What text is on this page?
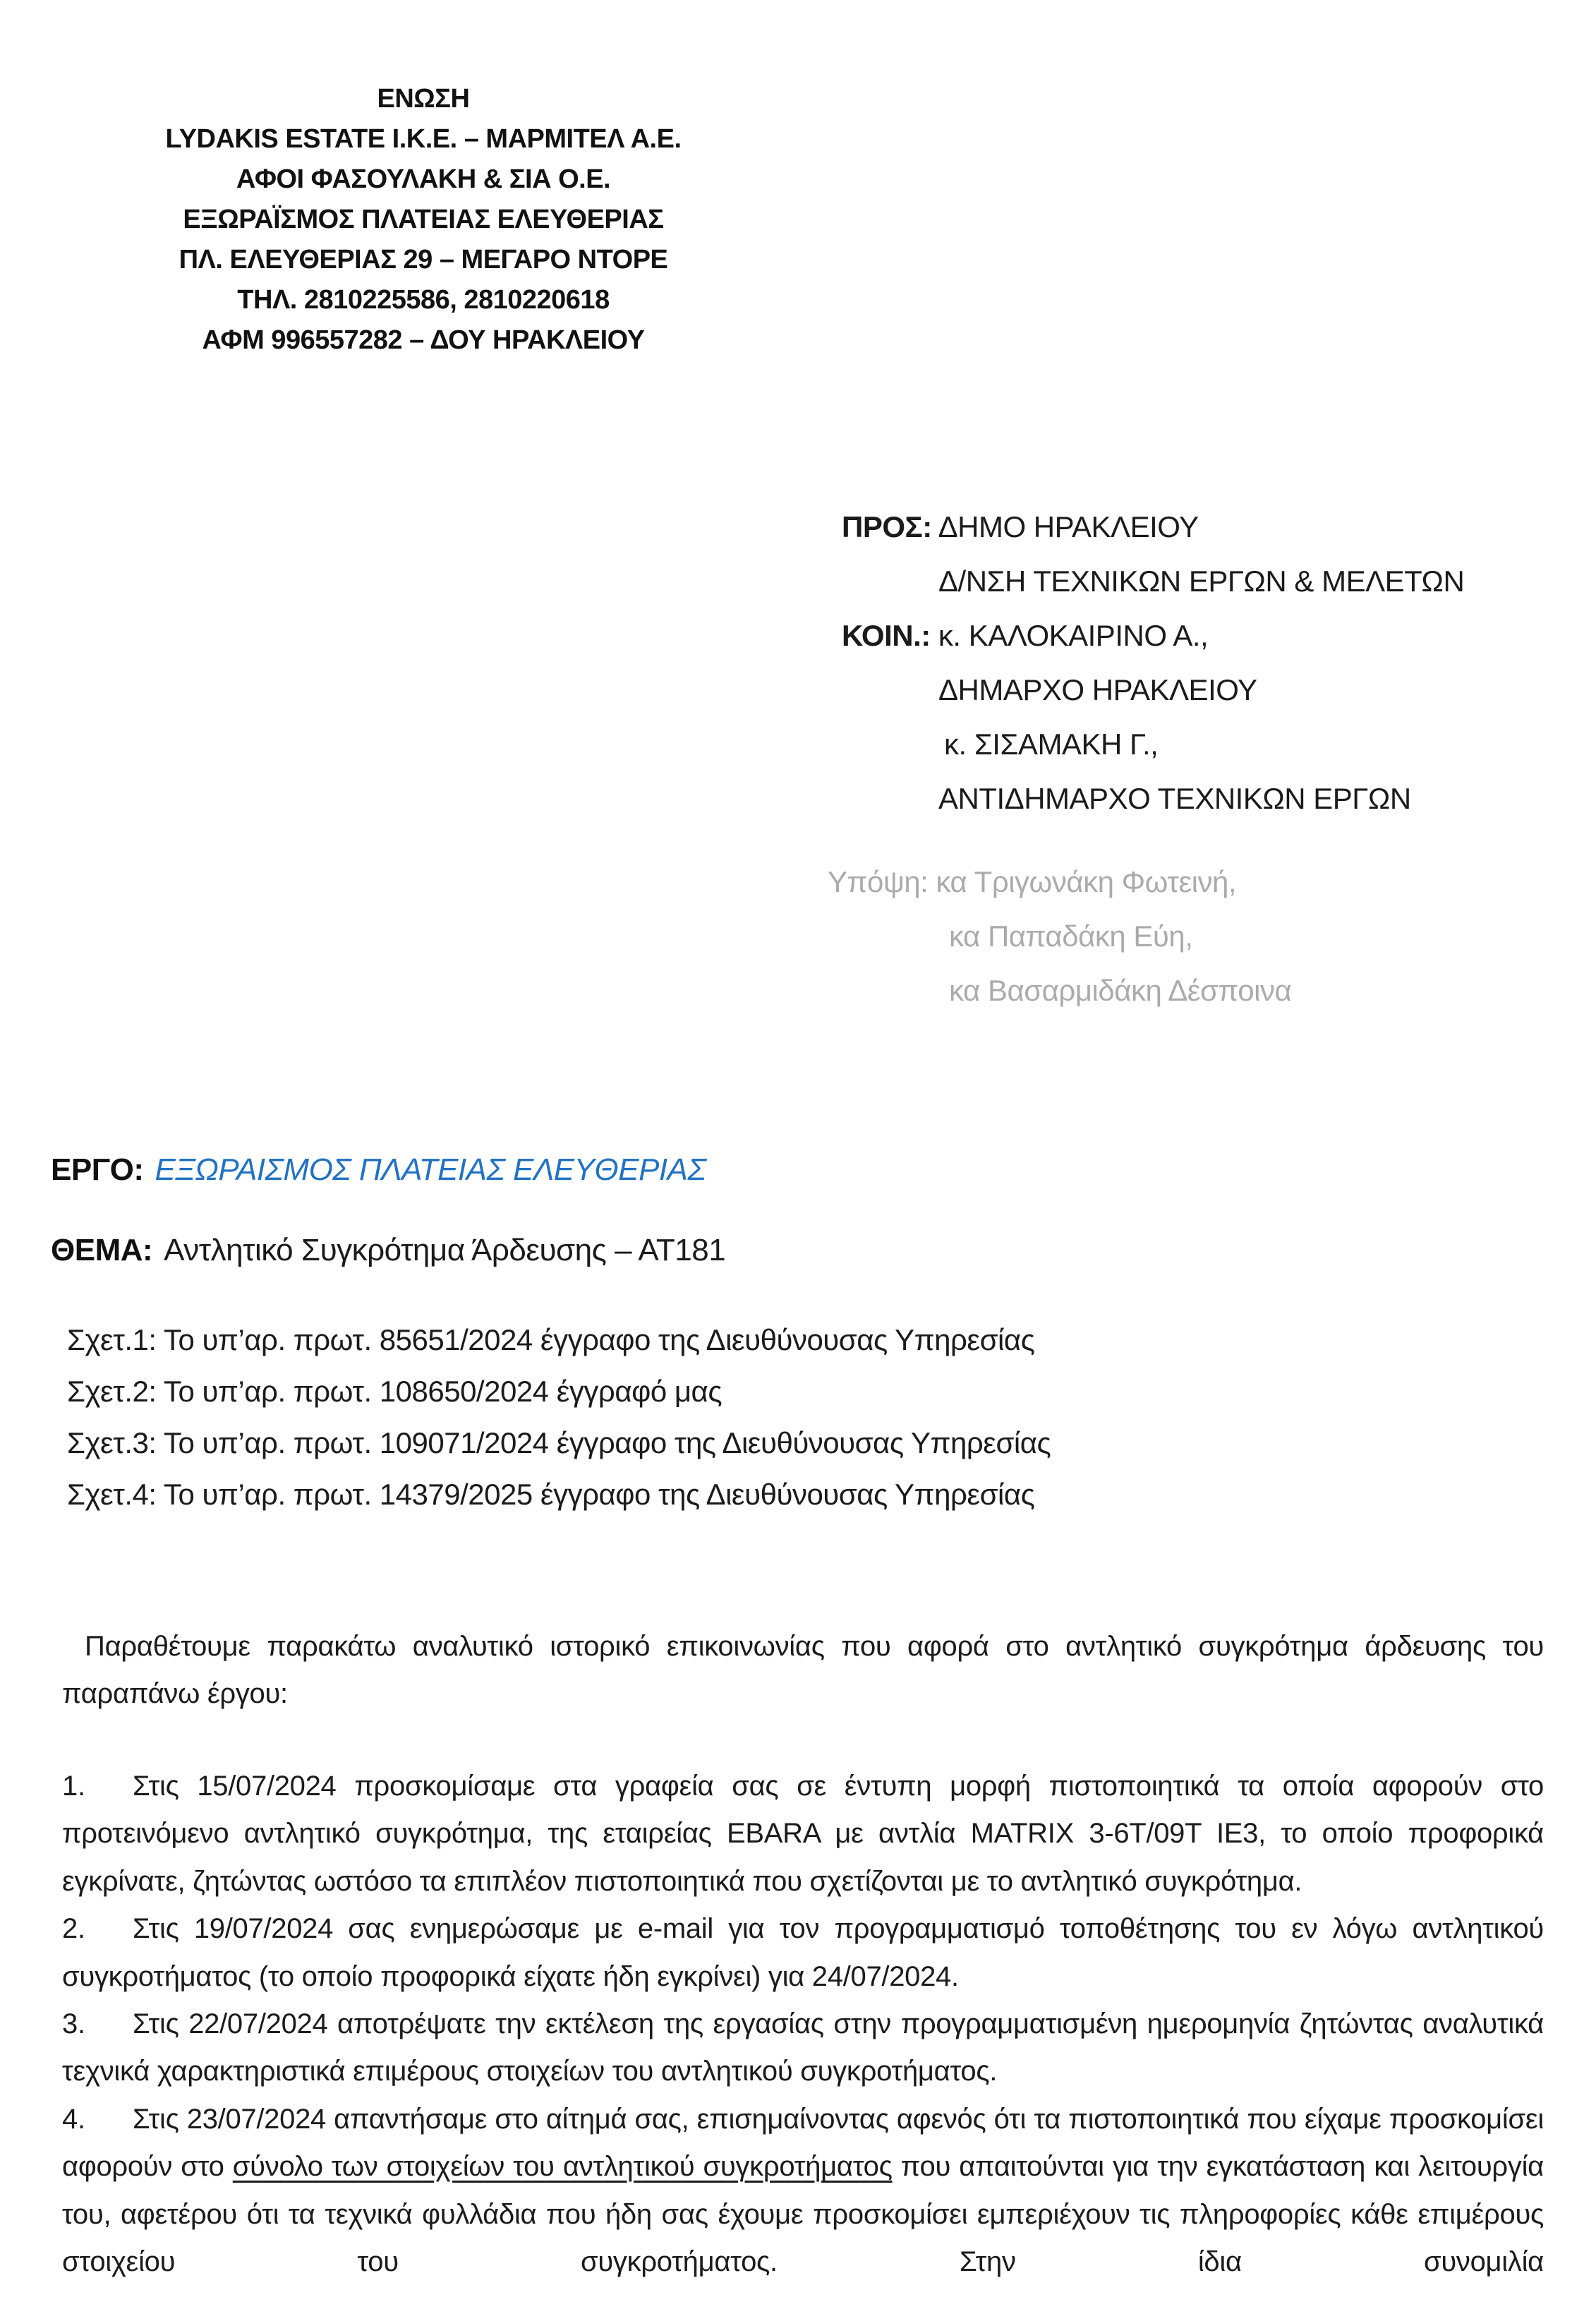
ΕΝΩΣΗ
LYDAKIS ESTATE I.K.E. – ΜΑΡΜΙΤΕΛ Α.Ε.
ΑΦΟΙ ΦΑΣΟΥΛΑΚΗ & ΣΙΑ Ο.Ε.
ΕΞΩΡΑΪΣΜΟΣ ΠΛΑΤΕΙΑΣ ΕΛΕΥΘΕΡΙΑΣ
ΠΛ. ΕΛΕΥΘΕΡΙΑΣ 29 – ΜΕΓΑΡΟ ΝΤΟΡΕ
ΤΗΛ. 2810225586, 2810220618
ΑΦΜ 996557282 – ΔΟΥ ΗΡΑΚΛΕΙΟΥ
ΠΡΟΣ: ΔΗΜΟ ΗΡΑΚΛΕΙΟΥ
Δ/ΝΣΗ ΤΕΧΝΙΚΩΝ ΕΡΓΩΝ & ΜΕΛΕΤΩΝ
ΚΟΙΝ.: κ. ΚΑΛΟΚΑΙΡΙΝΟ Α.,
ΔΗΜΑΡΧΟ ΗΡΑΚΛΕΙΟΥ
κ. ΣΙΣΑΜΑΚΗ Γ.,
ΑΝΤΙΔΗΜΑΡΧΟ ΤΕΧΝΙΚΩΝ ΕΡΓΩΝ
Υπόψη: κα Τριγωνάκη Φωτεινή,
κα Παπαδάκη Εύη,
κα Βασαρμιδάκη Δέσποινα
ΕΡΓΟ: ΕΞΩΡΑΙΣΜΟΣ ΠΛΑΤΕΙΑΣ ΕΛΕΥΘΕΡΙΑΣ
ΘΕΜΑ: Αντλητικό Συγκρότημα Άρδευσης – ΑΤ181
Σχετ.1: Το υπ’αρ. πρωτ. 85651/2024 έγγραφο της Διευθύνουσας Υπηρεσίας
Σχετ.2: Το υπ’αρ. πρωτ. 108650/2024 έγγραφό μας
Σχετ.3: Το υπ’αρ. πρωτ. 109071/2024 έγγραφο της Διευθύνουσας Υπηρεσίας
Σχετ.4: Το υπ’αρ. πρωτ. 14379/2025 έγγραφο της Διευθύνουσας Υπηρεσίας
Παραθέτουμε παρακάτω αναλυτικό ιστορικό επικοινωνίας που αφορά στο αντλητικό συγκρότημα άρδευσης του παραπάνω έργου:

1. Στις 15/07/2024 προσκομίσαμε στα γραφεία σας σε έντυπη μορφή πιστοποιητικά τα οποία αφορούν στο προτεινόμενο αντλητικό συγκρότημα, της εταιρείας EBARA με αντλία MATRIX 3-6T/09T IE3, το οποίο προφορικά εγκρίνατε, ζητώντας ωστόσο τα επιπλέον πιστοποιητικά που σχετίζονται με το αντλητικό συγκρότημα.

2. Στις 19/07/2024 σας ενημερώσαμε με e-mail για τον προγραμματισμό τοποθέτησης του εν λόγω αντλητικού συγκροτήματος (το οποίο προφορικά είχατε ήδη εγκρίνει) για 24/07/2024.

3. Στις 22/07/2024 αποτρέψατε την εκτέλεση της εργασίας στην προγραμματισμένη ημερομηνία ζητώντας αναλυτικά τεχνικά χαρακτηριστικά επιμέρους στοιχείων του αντλητικού συγκροτήματος.

4. Στις 23/07/2024 απαντήσαμε στο αίτημά σας, επισημαίνοντας αφενός ότι τα πιστοποιητικά που είχαμε προσκομίσει αφορούν στο σύνολο των στοιχείων του αντλητικού συγκροτήματος που απαιτούνται για την εγκατάσταση και λειτουργία του, αφετέρου ότι τα τεχνικά φυλλάδια που ήδη σας έχουμε προσκομίσει εμπεριέχουν τις πληροφορίες κάθε επιμέρους στοιχείου του συγκροτήματος. Στην ίδια συνομιλία
